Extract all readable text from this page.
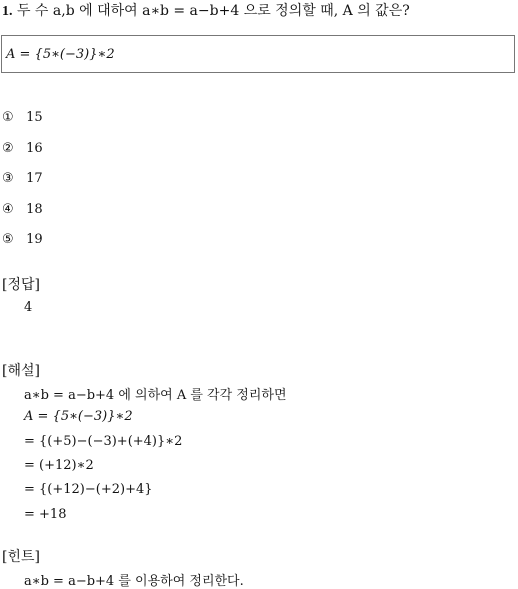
1. 두 수 a,b 에 대하여 a∗b = a−b+4 으로 정의할 때, A 의 값은?
A = {5∗(−3)}∗2
① 15
② 16
③ 17
④ 18
⑤ 19
[정답]
4
[해설]
a∗b = a−b+4 에 의하여 A 를 각각 정리하면
A = {5∗(−3)}∗2
= {(+5)−(−3)+(+4)}∗2
= (+12)∗2
= {(+12)−(+2)+4}
= +18
[힌트]
a∗b = a−b+4 를 이용하여 정리한다.
